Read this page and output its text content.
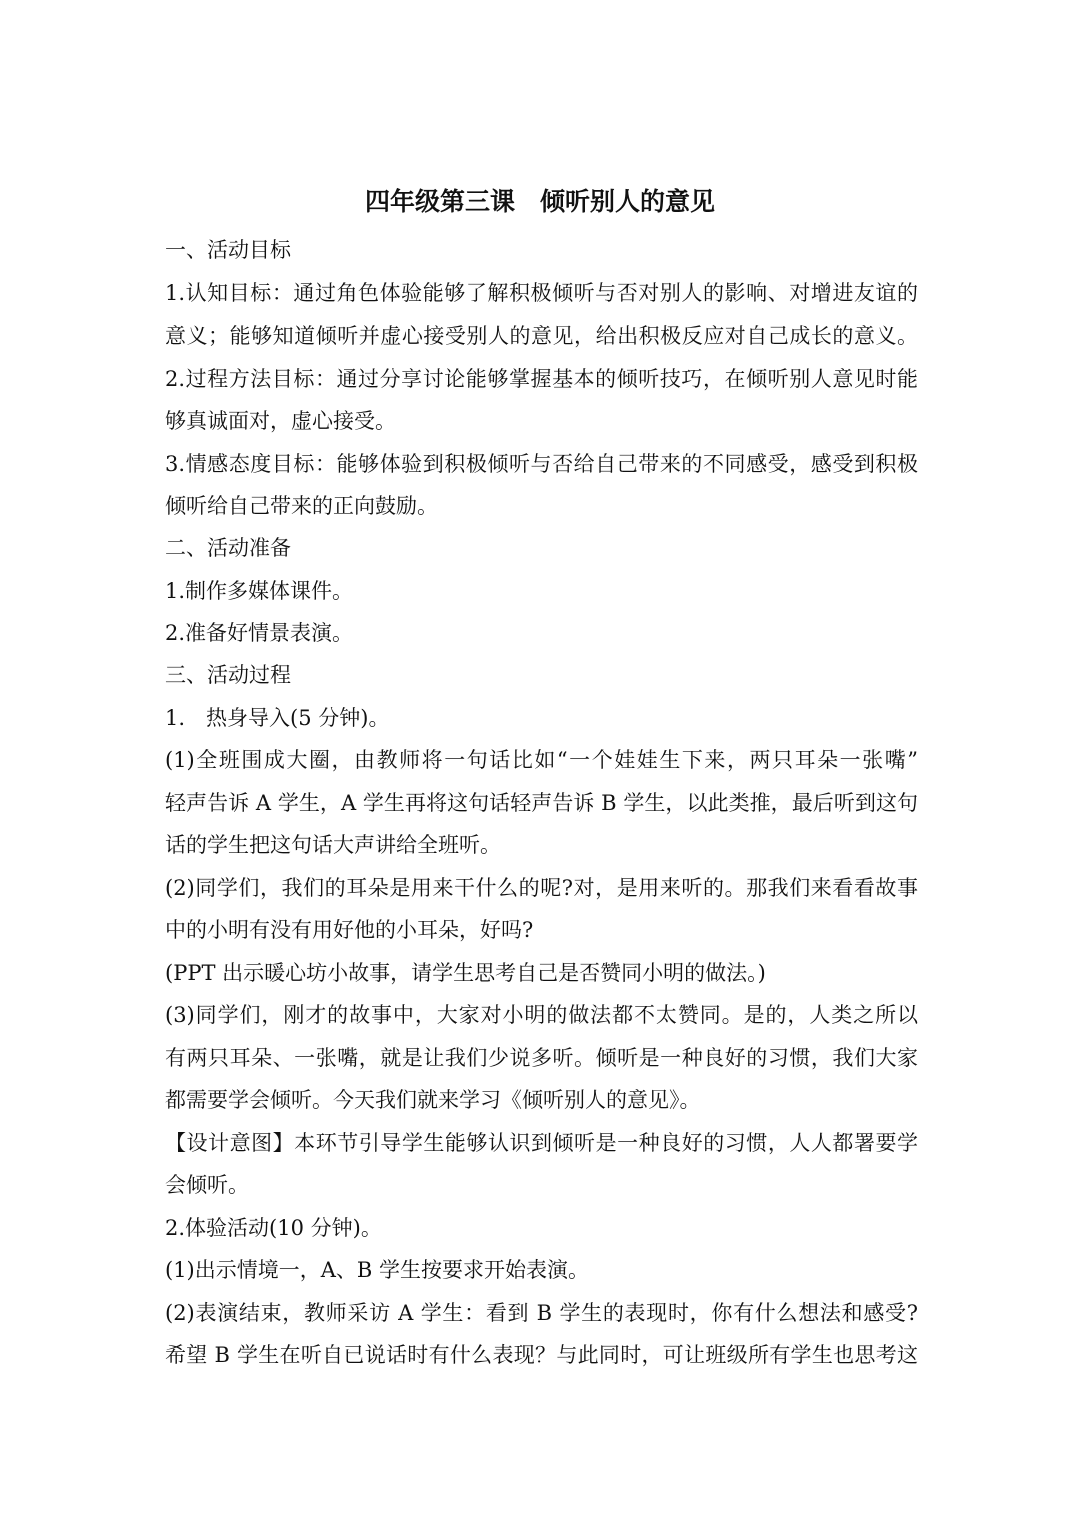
四年级第三课　倾听别人的意见
一、活动目标
1.认知目标：通过角色体验能够了解积极倾听与否对别人的影响、对增进友谊的
意义；能够知道倾听并虚心接受别人的意见，给出积极反应对自己成长的意义。
2.过程方法目标：通过分享讨论能够掌握基本的倾听技巧，在倾听别人意见时能
够真诚面对，虚心接受。
3.情感态度目标：能够体验到积极倾听与否给自己带来的不同感受，感受到积极
倾听给自己带来的正向鼓励。
二、活动准备
1.制作多媒体课件。
2.准备好情景表演。
三、活动过程
1.　热身导入(5 分钟)。
(1)全班围成大圈，由教师将一句话比如“一个娃娃生下来，两只耳朵一张嘴”
轻声告诉 A 学生，A 学生再将这句话轻声告诉 B 学生，以此类推，最后听到这句
话的学生把这句话大声讲给全班听。
(2)同学们，我们的耳朵是用来干什么的呢?对，是用来听的。那我们来看看故事
中的小明有没有用好他的小耳朵，好吗?
(PPT 出示暖心坊小故事，请学生思考自己是否赞同小明的做法。)
(3)同学们，刚才的故事中，大家对小明的做法都不太赞同。是的，人类之所以
有两只耳朵、一张嘴，就是让我们少说多听。倾听是一种良好的习惯，我们大家
都需要学会倾听。今天我们就来学习《倾听别人的意见》。
【设计意图】本环节引导学生能够认识到倾听是一种良好的习惯，人人都署要学
会倾听。
2.体验活动(10 分钟)。
(1)出示情境一，A、B 学生按要求开始表演。
(2)表演结束，教师采访 A 学生：看到 B 学生的表现时，你有什么想法和感受?
希望 B 学生在听自已说话时有什么表现？与此同时，可让班级所有学生也思考这
